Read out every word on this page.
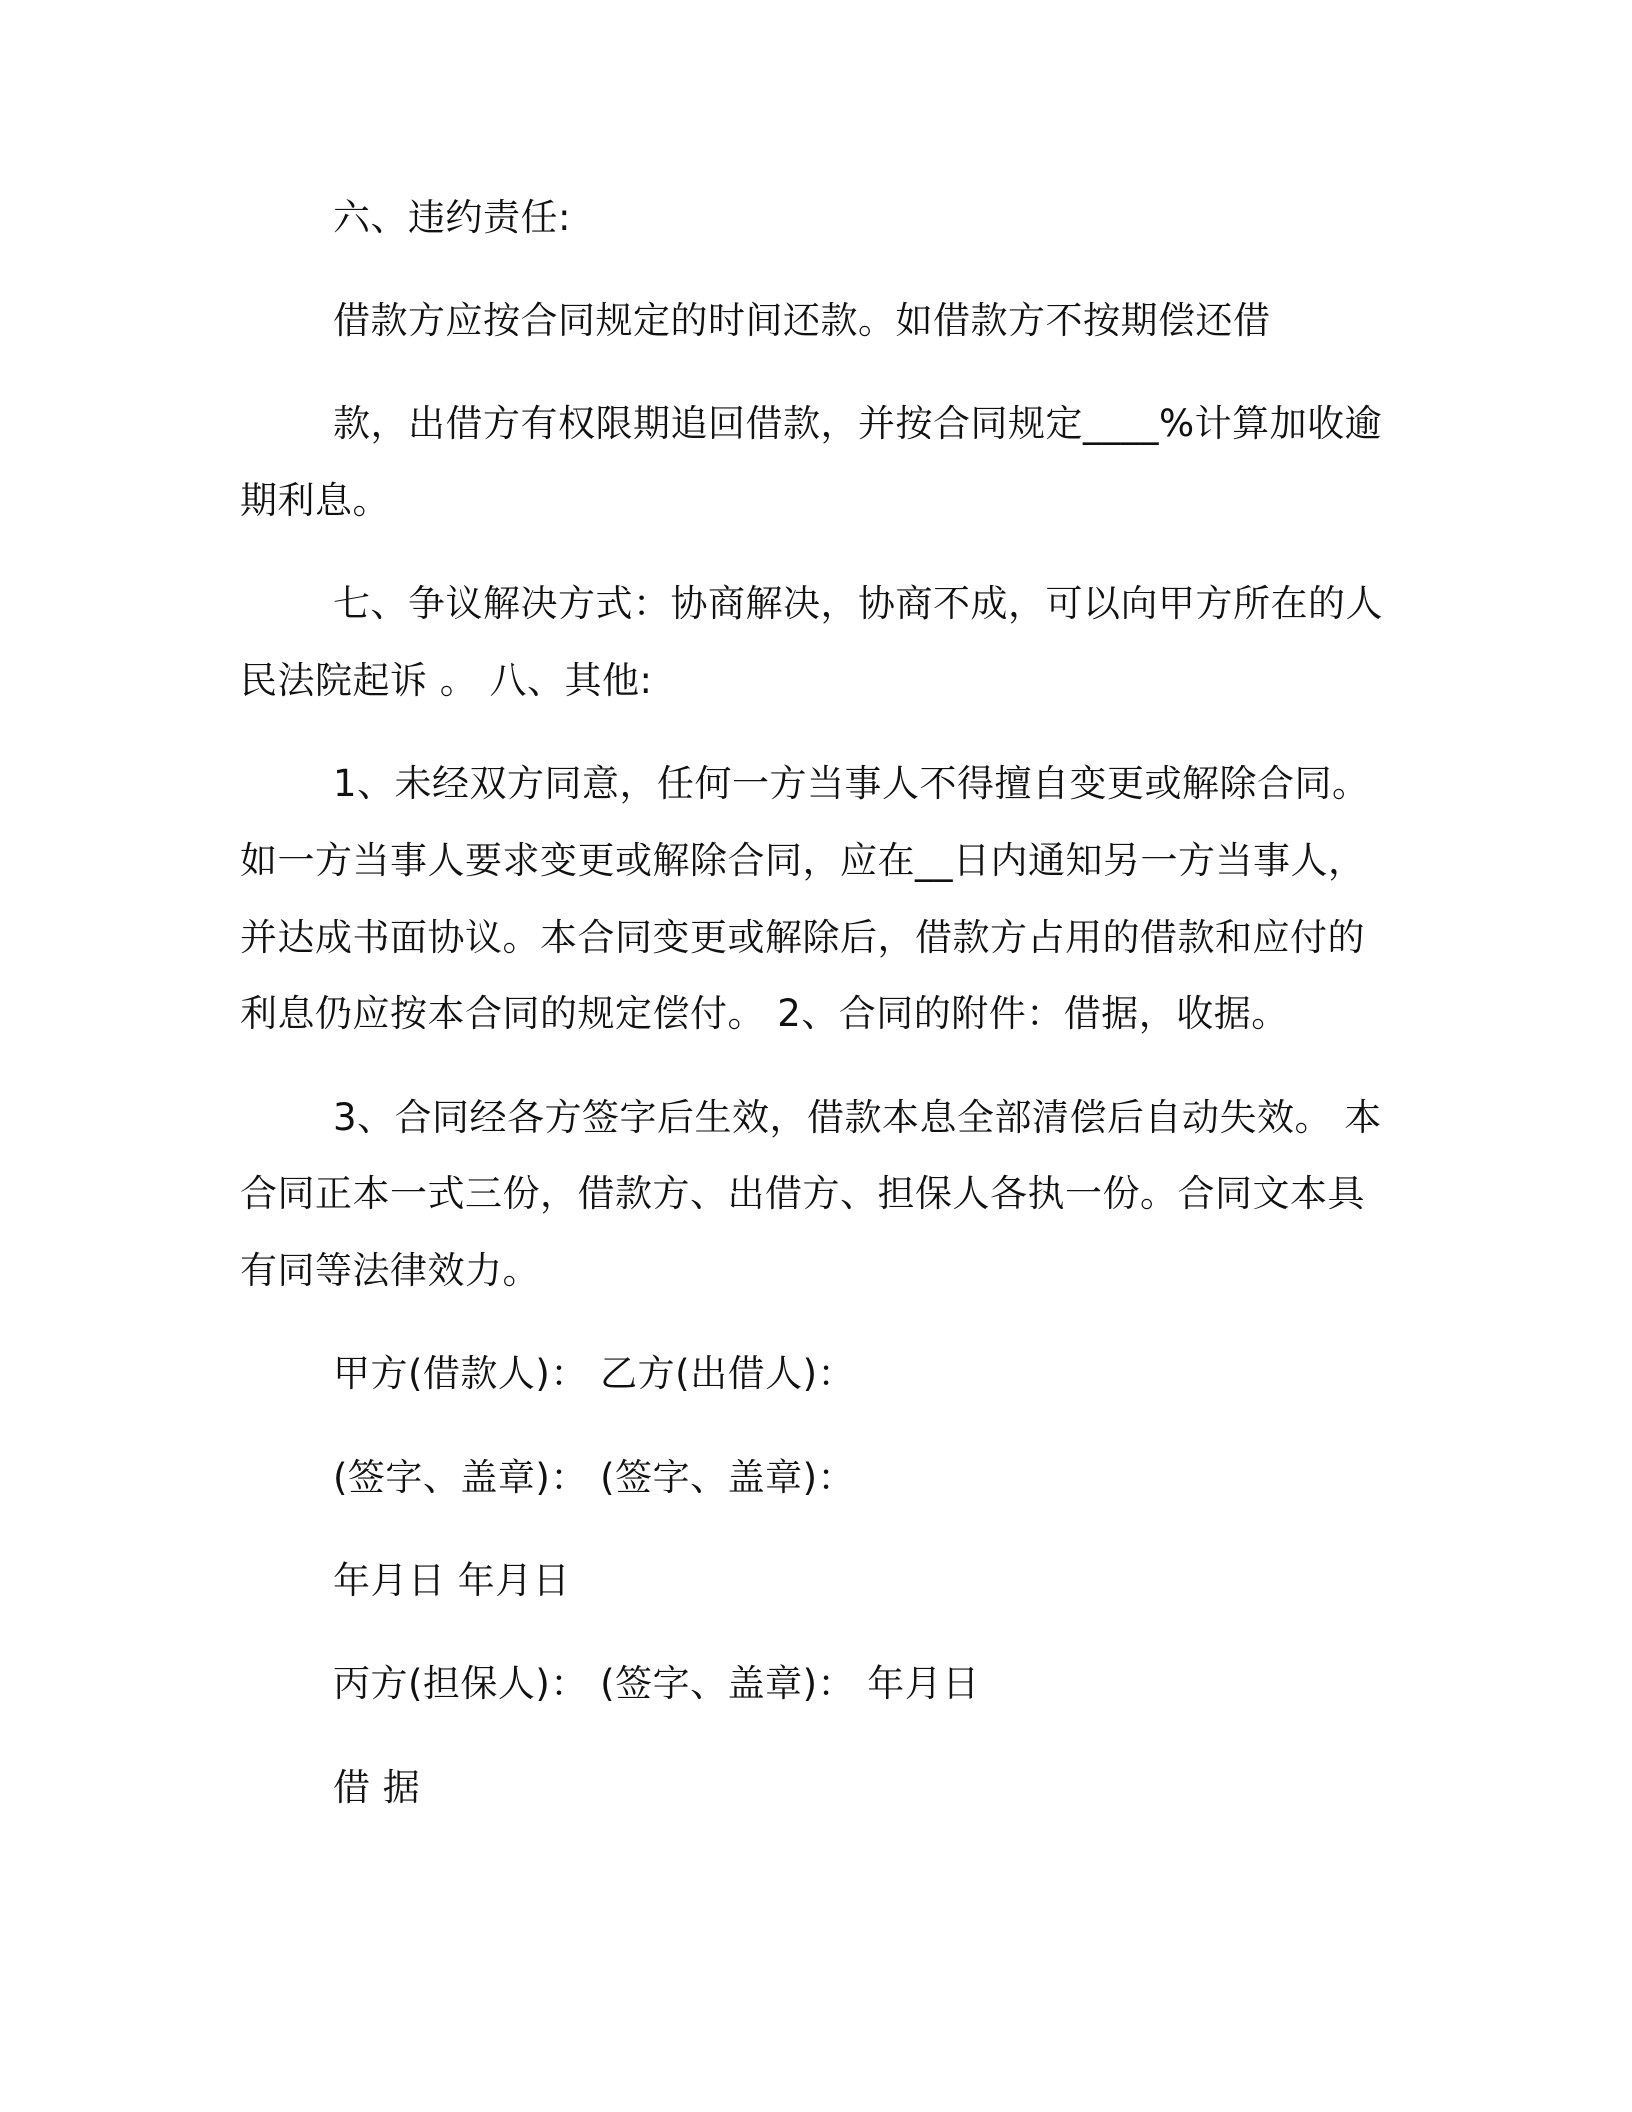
六、违约责任:
借款方应按合同规定的时间还款。如借款方不按期偿还借
款，出借方有权限期追回借款，并按合同规定____%计算加收逾
期利息。
七、争议解决方式：协商解决，协商不成，可以向甲方所在的人
民法院起诉 。 八、其他:
1、未经双方同意，任何一方当事人不得擅自变更或解除合同。
如一方当事人要求变更或解除合同，应在__日内通知另一方当事人，
并达成书面协议。本合同变更或解除后，借款方占用的借款和应付的
利息仍应按本合同的规定偿付。 2、合同的附件：借据，收据。
3、合同经各方签字后生效，借款本息全部清偿后自动失效。 本
合同正本一式三份，借款方、出借方、担保人各执一份。合同文本具
有同等法律效力。
甲方(借款人)： 乙方(出借人)：
(签字、盖章)： (签字、盖章)：
年月日 年月日
丙方(担保人)： (签字、盖章)： 年月日
借 据
